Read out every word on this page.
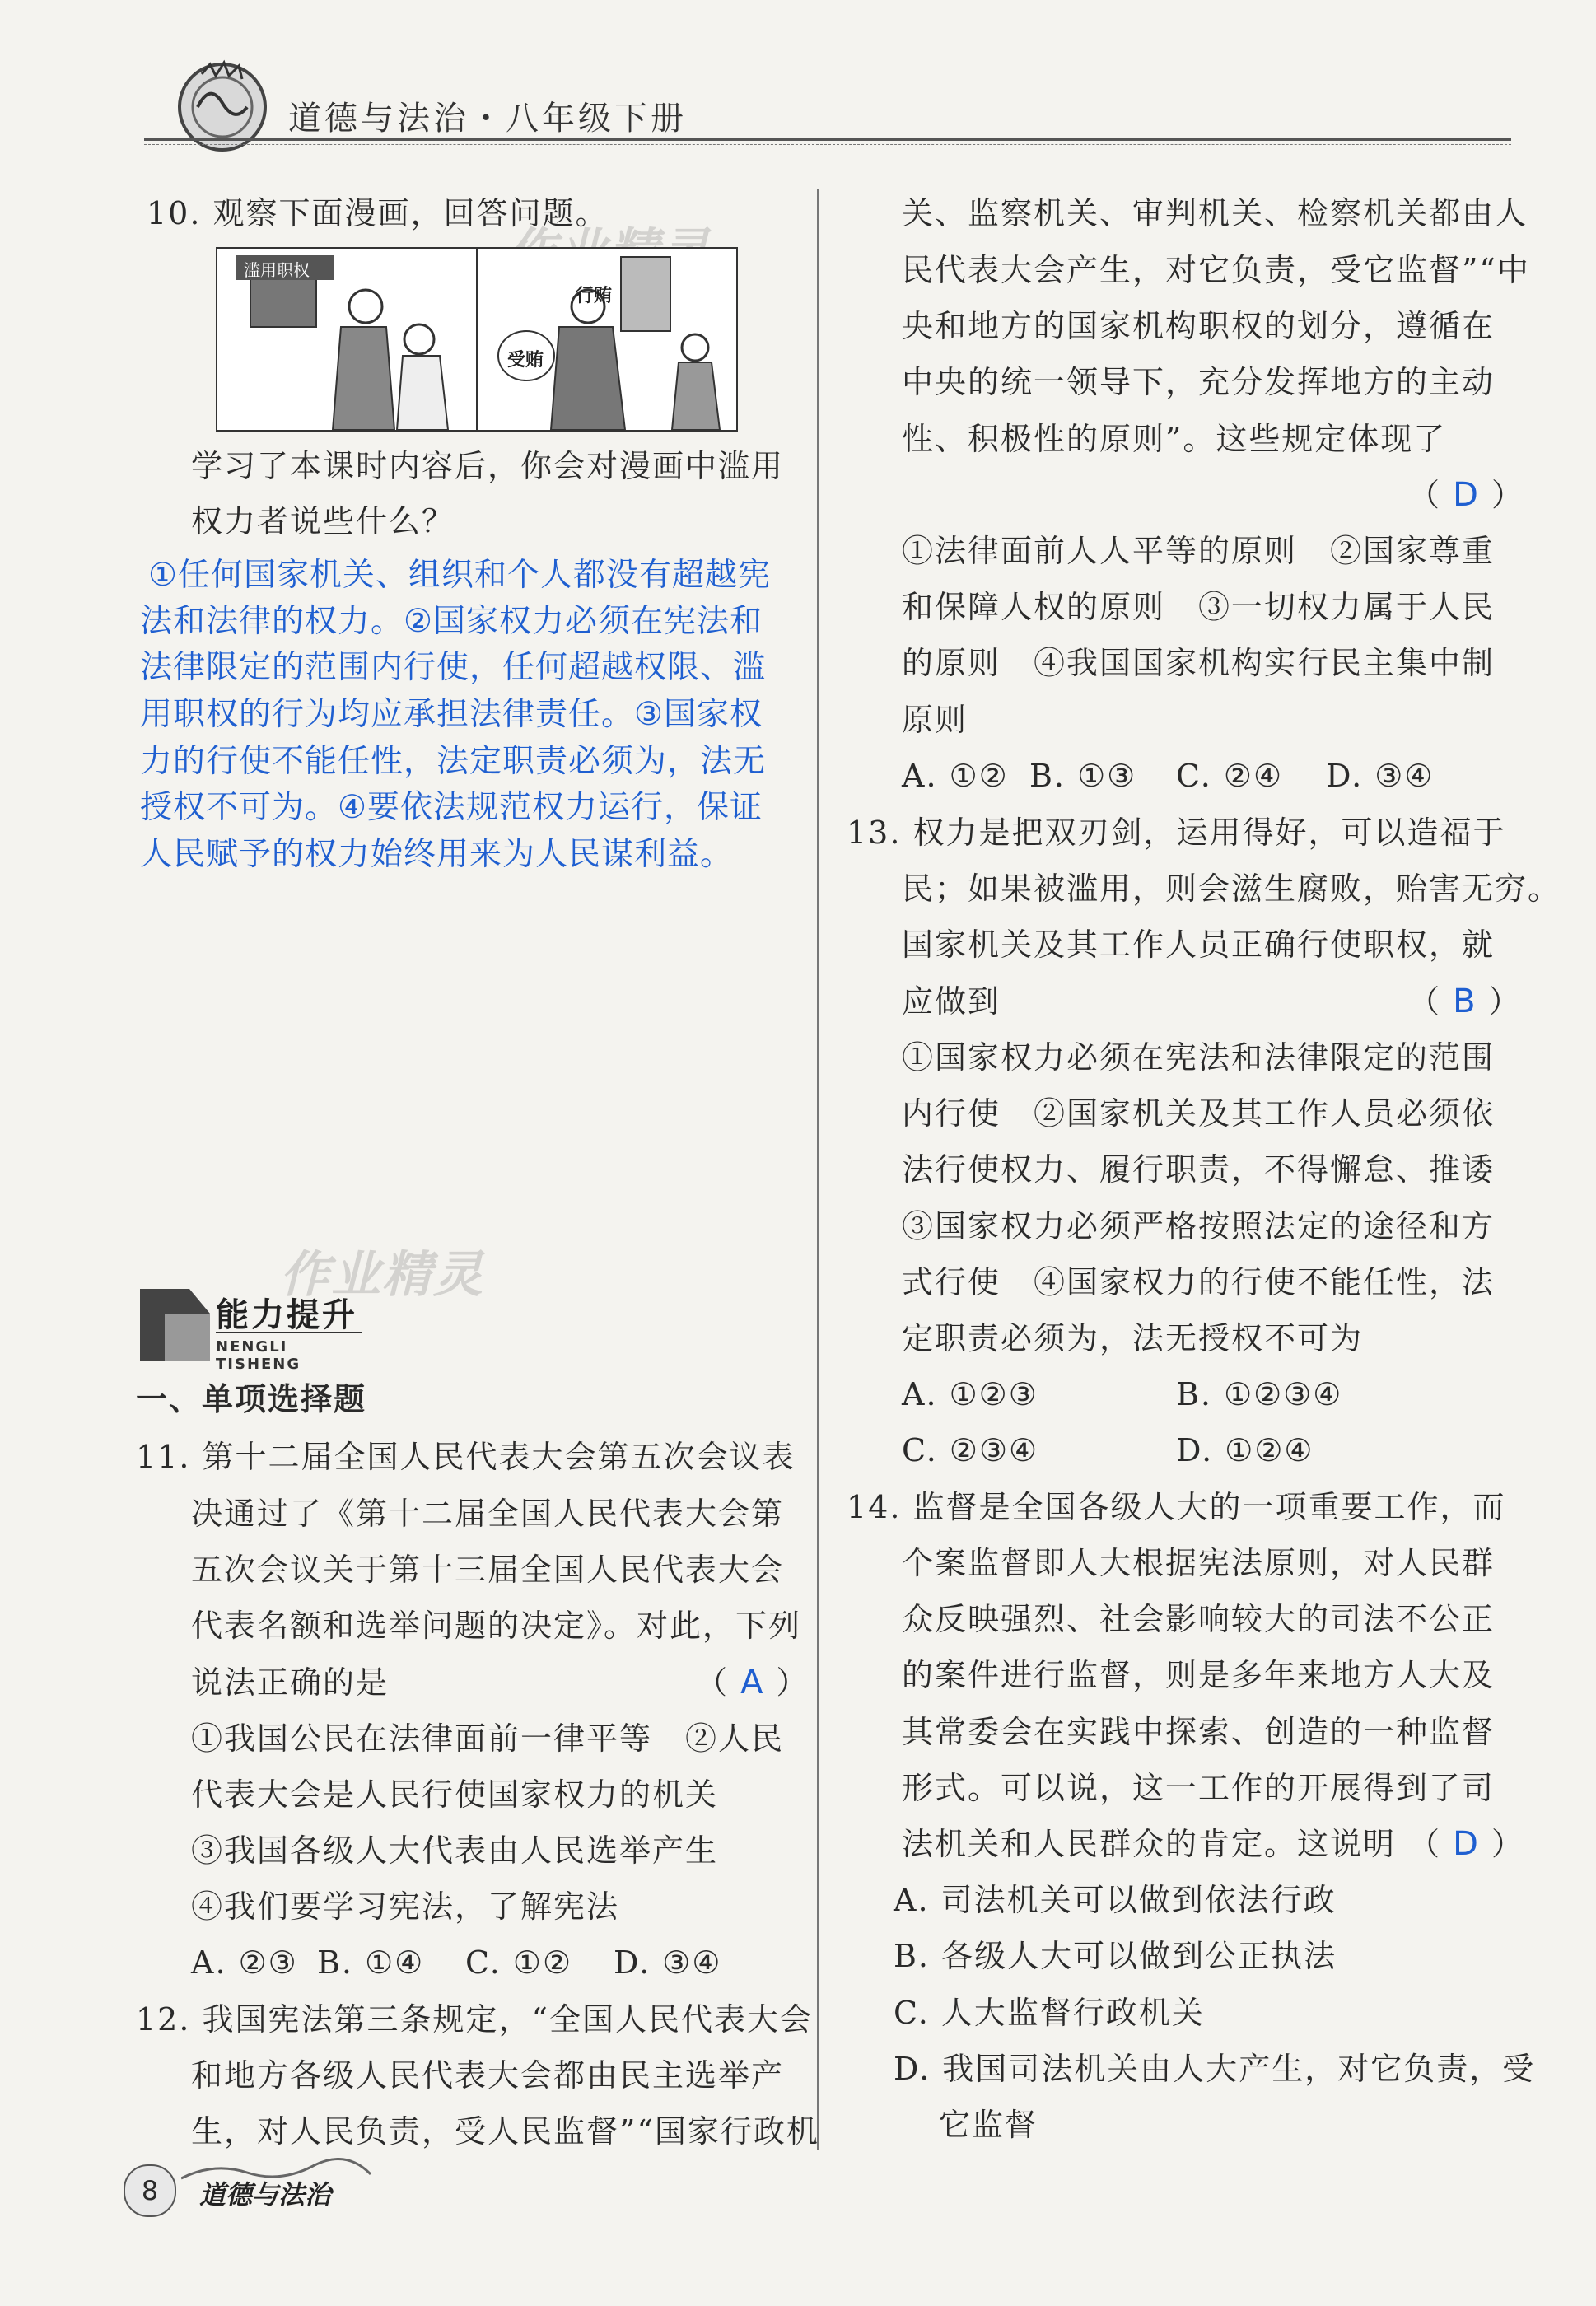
道德与法治・八年级下册
10. 观察下面漫画，回答问题。
滥用职权
行贿
受贿
学习了本课时内容后，你会对漫画中滥用
权力者说些什么？
①任何国家机关、组织和个人都没有超越宪
法和法律的权力。②国家权力必须在宪法和
法律限定的范围内行使，任何超越权限、滥
用职权的行为均应承担法律责任。③国家权
力的行使不能任性，法定职责必须为，法无
授权不可为。④要依法规范权力运行，保证
人民赋予的权力始终用来为人民谋利益。
作业精灵
能力提升
NENGLI TISHENG
一、单项选择题
11. 第十二届全国人民代表大会第五次会议表
决通过了《第十二届全国人民代表大会第
五次会议关于第十三届全国人民代表大会
代表名额和选举问题的决定》。对此，下列
说法正确的是	（ A ）
①我国公民在法律面前一律平等　②人民
代表大会是人民行使国家权力的机关
③我国各级人大代表由人民选举产生
④我们要学习宪法，了解宪法
A. ②③ B. ①④ C. ①② D. ③④
12. 我国宪法第三条规定，“全国人民代表大会
和地方各级人民代表大会都由民主选举产
生，对人民负责，受人民监督”“国家行政机
关、监察机关、审判机关、检察机关都由人
民代表大会产生，对它负责，受它监督”“中
央和地方的国家机构职权的划分，遵循在
中央的统一领导下，充分发挥地方的主动
性、积极性的原则”。这些规定体现了
（ D ）
①法律面前人人平等的原则　②国家尊重
和保障人权的原则　③一切权力属于人民
的原则　④我国国家机构实行民主集中制
原则
A. ①② B. ①③ C. ②④ D. ③④
13. 权力是把双刃剑，运用得好，可以造福于
民；如果被滥用，则会滋生腐败，贻害无穷。
国家机关及其工作人员正确行使职权，就
应做到	（ B ）
①国家权力必须在宪法和法律限定的范围
内行使　②国家机关及其工作人员必须依
法行使权力、履行职责，不得懈怠、推诿
③国家权力必须严格按照法定的途径和方
式行使　④国家权力的行使不能任性，法
定职责必须为，法无授权不可为
A. ①②③	B. ①②③④
C. ②③④	D. ①②④
14. 监督是全国各级人大的一项重要工作，而
个案监督即人大根据宪法原则，对人民群
众反映强烈、社会影响较大的司法不公正
的案件进行监督，则是多年来地方人大及
其常委会在实践中探索、创造的一种监督
形式。可以说，这一工作的开展得到了司
法机关和人民群众的肯定。这说明 （ D ）
A. 司法机关可以做到依法行政
B. 各级人大可以做到公正执法
C. 人大监督行政机关
D. 我国司法机关由人大产生，对它负责，受
它监督
8	道德与法治
